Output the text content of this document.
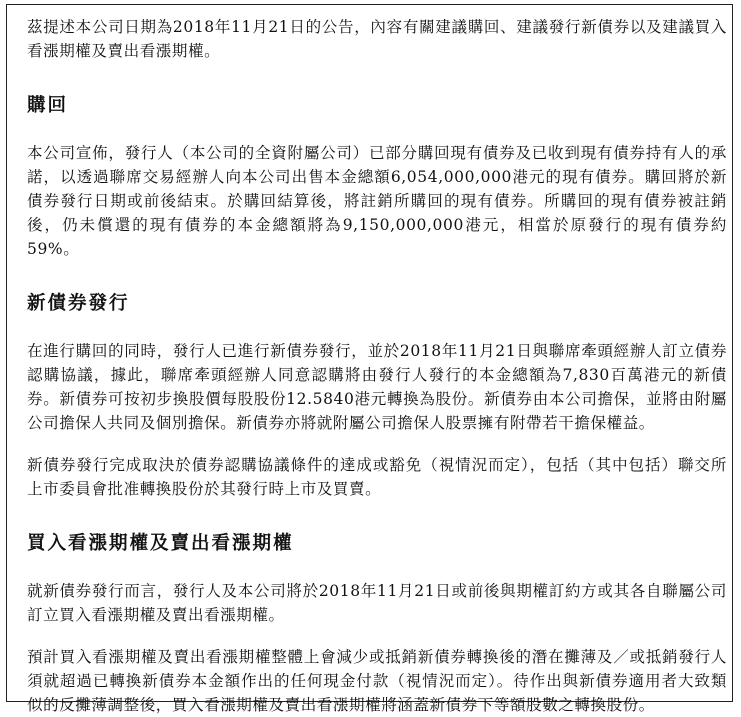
茲提述本公司日期為2018年11月21日的公告，內容有關建議購回、建議發行新債券以及建議買入看漲期權及賣出看漲期權。

購回

本公司宣佈，發行人（本公司的全資附屬公司）已部分購回現有債券及已收到現有債券持有人的承諾，以透過聯席交易經辦人向本公司出售本金總額6,054,000,000港元的現有債券。購回將於新債券發行日期或前後結束。於購回結算後，將註銷所購回的現有債券。所購回的現有債券被註銷後，仍未償還的現有債券的本金總額將為9,150,000,000港元，相當於原發行的現有債券約59%。

新債券發行

在進行購回的同時，發行人已進行新債券發行，並於2018年11月21日與聯席牽頭經辦人訂立債券認購協議，據此，聯席牽頭經辦人同意認購將由發行人發行的本金總額為7,830百萬港元的新債券。新債券可按初步換股價每股股份12.5840港元轉換為股份。新債券由本公司擔保，並將由附屬公司擔保人共同及個別擔保。新債券亦將就附屬公司擔保人股票擁有附帶若干擔保權益。

新債券發行完成取決於債券認購協議條件的達成或豁免（視情況而定），包括（其中包括）聯交所上市委員會批准轉換股份於其發行時上市及買賣。

買入看漲期權及賣出看漲期權

就新債券發行而言，發行人及本公司將於2018年11月21日或前後與期權訂約方或其各自聯屬公司訂立買入看漲期權及賣出看漲期權。

預計買入看漲期權及賣出看漲期權整體上會減少或抵銷新債券轉換後的潛在攤薄及／或抵銷發行人須就超過已轉換新債券本金額作出的任何現金付款（視情況而定）。待作出與新債券適用者大致類似的反攤薄調整後，買入看漲期權及賣出看漲期權將涵蓋新債券下等額股數之轉換股份。
